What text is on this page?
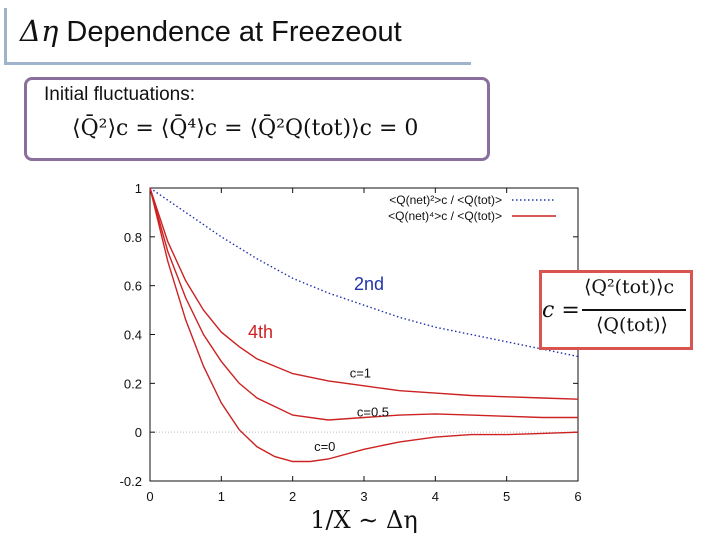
Δη Dependence at Freezeout
Initial fluctuations:
⟨Q̄²⟩c = ⟨Q̄⁴⟩c = ⟨Q̄²Q(tot)⟩c = 0
0	1	2	3	4	5	6
-0.2
0
0.2
0.4
0.6
0.8
1
c=1
c=0.5
c=0
<Q(net)²>c / <Q(tot)>
<Q(net)⁴>c / <Q(tot)>
2nd
4th
1/X ∼ Δη
c =
⟨Q²(tot)⟩c
⟨Q(tot)⟩
